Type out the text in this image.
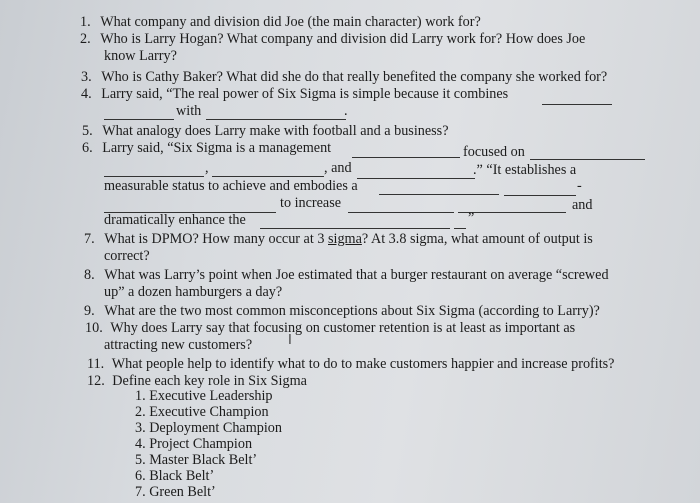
1. What company and division did Joe (the main character) work for?
2. Who is Larry Hogan? What company and division did Larry work for? How does Joe
know Larry?
3. Who is Cathy Baker? What did she do that really benefited the company she worked for?
4. Larry said, “The real power of Six Sigma is simple because it combines
with	.
5. What analogy does Larry make with football and a business?
6. Larry said, “Six Sigma is a management	focused on
,	, and	.” “It establishes a
measurable status to achieve and embodies a	-
to increase	and
dramatically enhance the	”
7. What is DPMO? How many occur at 3 sigma? At 3.8 sigma, what amount of output is
correct?
8. What was Larry’s point when Joe estimated that a burger restaurant on average “screwed
up” a dozen hamburgers a day?
9. What are the two most common misconceptions about Six Sigma (according to Larry)?
10. Why does Larry say that focusing on customer retention is at least as important as
attracting new customers?	I
11. What people help to identify what to do to make customers happier and increase profits?
12. Define each key role in Six Sigma
1. Executive Leadership
2. Executive Champion
3. Deployment Champion
4. Project Champion
5. Master Black Beltʼ
6. Black Beltʼ
7. Green Beltʼ
